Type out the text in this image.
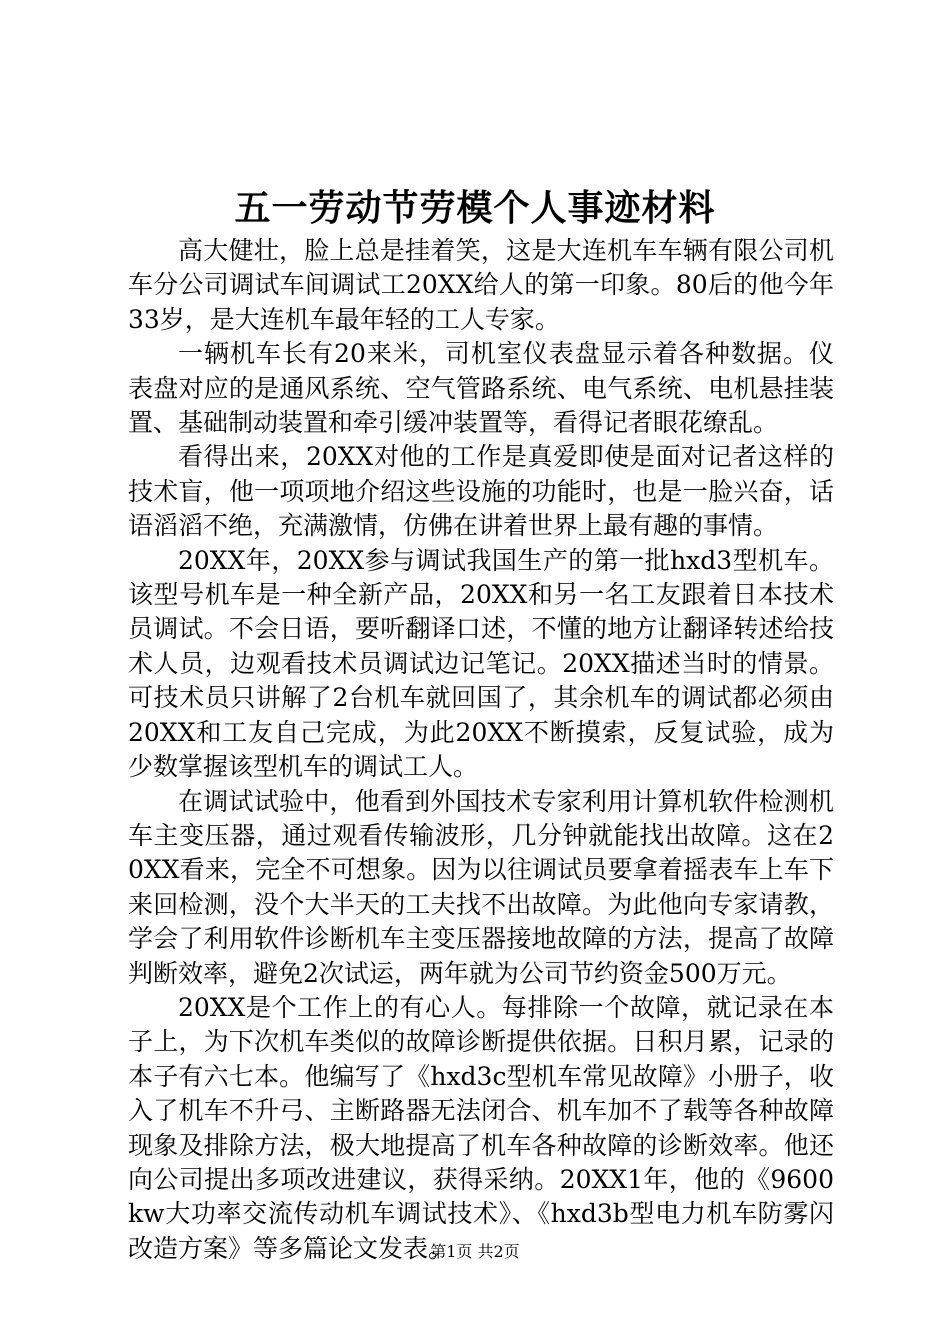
五一劳动节劳模个人事迹材料

高大健壮，脸上总是挂着笑，这是大连机车车辆有限公司机车分公司调试车间调试工20XX给人的第一印象。80后的他今年33岁，是大连机车最年轻的工人专家。

一辆机车长有20来米，司机室仪表盘显示着各种数据。仪表盘对应的是通风系统、空气管路系统、电气系统、电机悬挂装置、基础制动装置和牵引缓冲装置等，看得记者眼花缭乱。

看得出来，20XX对他的工作是真爱即使是面对记者这样的技术盲，他一项项地介绍这些设施的功能时，也是一脸兴奋，话语滔滔不绝，充满激情，仿佛在讲着世界上最有趣的事情。

20XX年，20XX参与调试我国生产的第一批hxd3型机车。该型号机车是一种全新产品，20XX和另一名工友跟着日本技术员调试。不会日语，要听翻译口述，不懂的地方让翻译转述给技术人员，边观看技术员调试边记笔记。20XX描述当时的情景。可技术员只讲解了2台机车就回国了，其余机车的调试都必须由20XX和工友自己完成，为此20XX不断摸索，反复试验，成为少数掌握该型机车的调试工人。

在调试试验中，他看到外国技术专家利用计算机软件检测机车主变压器，通过观看传输波形，几分钟就能找出故障。这在20XX看来，完全不可想象。因为以往调试员要拿着摇表车上车下来回检测，没个大半天的工夫找不出故障。为此他向专家请教，学会了利用软件诊断机车主变压器接地故障的方法，提高了故障判断效率，避免2次试运，两年就为公司节约资金500万元。

20XX是个工作上的有心人。每排除一个故障，就记录在本子上，为下次机车类似的故障诊断提供依据。日积月累，记录的本子有六七本。他编写了《hxd3c型机车常见故障》小册子，收入了机车不升弓、主断路器无法闭合、机车加不了载等各种故障现象及排除方法，极大地提高了机车各种故障的诊断效率。他还向公司提出多项改进建议，获得采纳。20XX1年，他的《9600kw大功率交流传动机车调试技术》、《hxd3b型电力机车防雾闪改造方案》等多篇论文发表。

第1页 共2页
